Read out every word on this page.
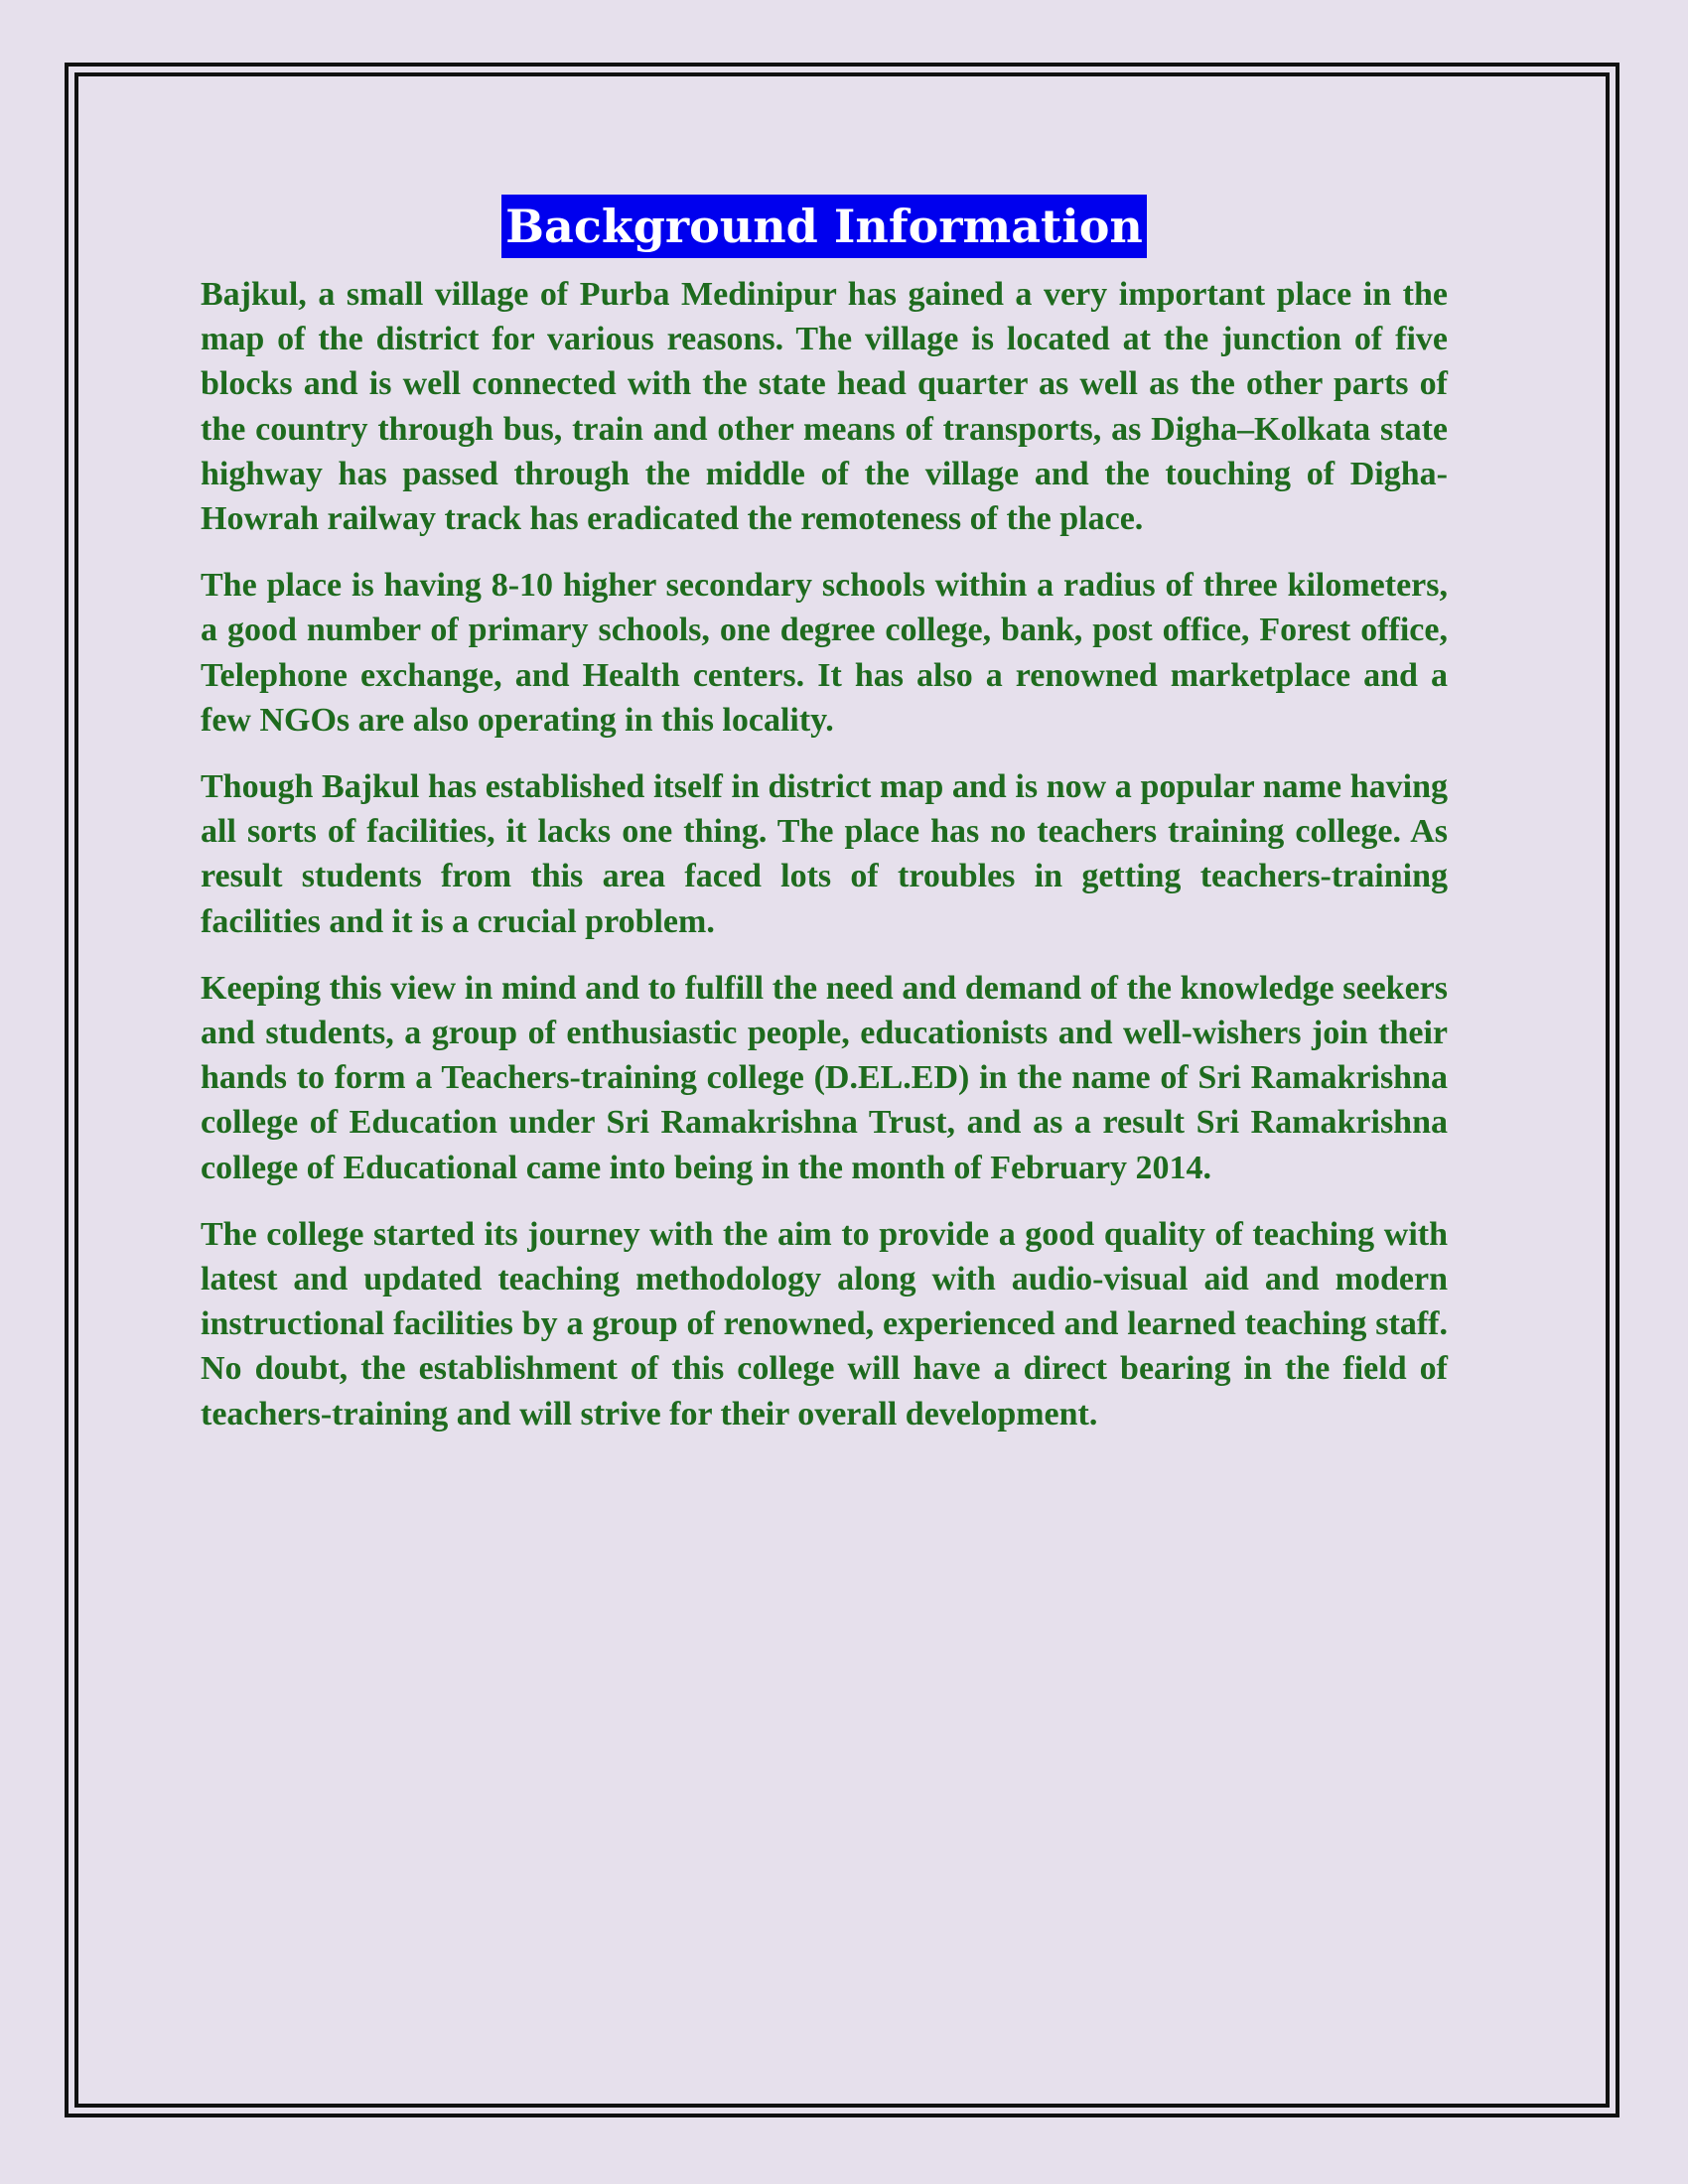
Background Information

Bajkul, a small village of Purba Medinipur has gained a very important place in the map of the district for various reasons. The village is located at the junction of five blocks and is well connected with the state head quarter as well as the other parts of the country through bus, train and other means of transports, as Digha–Kolkata state highway has passed through the middle of the village and the touching of Digha-Howrah railway track has eradicated the remoteness of the place.

The place is having 8-10 higher secondary schools within a radius of three kilometers, a good number of primary schools, one degree college, bank, post office, Forest office, Telephone exchange, and Health centers. It has also a renowned marketplace and a few NGOs are also operating in this locality.

Though Bajkul has established itself in district map and is now a popular name having all sorts of facilities, it lacks one thing. The place has no teachers training college. As result students from this area faced lots of troubles in getting teachers-training facilities and it is a crucial problem.

Keeping this view in mind and to fulfill the need and demand of the knowledge seekers and students, a group of enthusiastic people, educationists and well-wishers join their hands to form a Teachers-training college (D.EL.ED) in the name of Sri Ramakrishna college of Education under Sri Ramakrishna Trust, and as a result Sri Ramakrishna college of Educational came into being in the month of February 2014.

The college started its journey with the aim to provide a good quality of teaching with latest and updated teaching methodology along with audio-visual aid and modern instructional facilities by a group of renowned, experienced and learned teaching staff. No doubt, the establishment of this college will have a direct bearing in the field of teachers-training and will strive for their overall development.
